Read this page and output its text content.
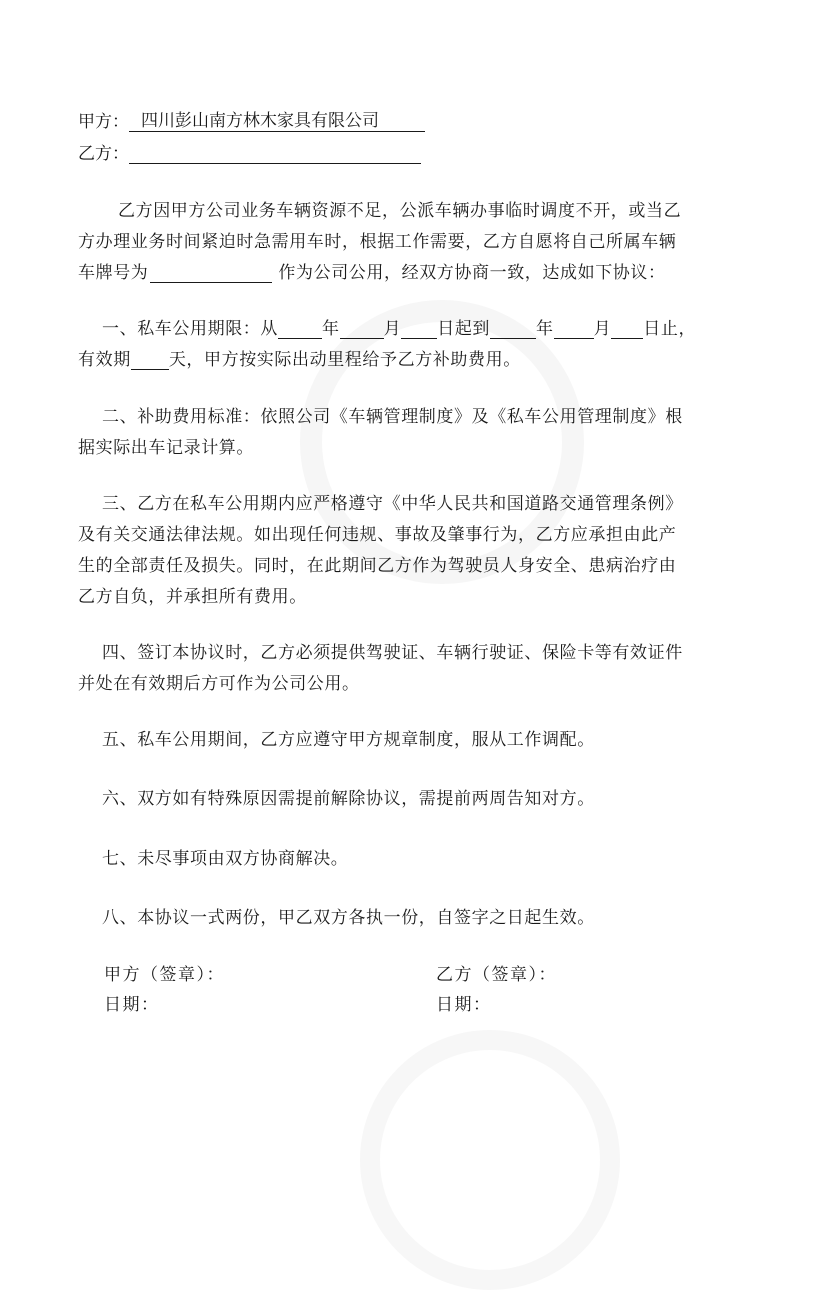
甲方： 四川彭山南方林木家具有限公司
乙方：
乙方因甲方公司业务车辆资源不足，公派车辆办事临时调度不开，或当乙
方办理业务时间紧迫时急需用车时，根据工作需要，乙方自愿将自己所属车辆
车牌号为	作为公司公用，经双方协商一致，达成如下协议：
一、私车公用期限：从	年	月 日起到	年 月 日止，
有效期 天，甲方按实际出动里程给予乙方补助费用。
二、补助费用标准：依照公司《车辆管理制度》及《私车公用管理制度》根
据实际出车记录计算。
三、乙方在私车公用期内应严格遵守《中华人民共和国道路交通管理条例》
及有关交通法律法规。如出现任何违规、事故及肇事行为，乙方应承担由此产
生的全部责任及损失。同时，在此期间乙方作为驾驶员人身安全、患病治疗由
乙方自负，并承担所有费用。
四、签订本协议时，乙方必须提供驾驶证、车辆行驶证、保险卡等有效证件
并处在有效期后方可作为公司公用。
五、私车公用期间，乙方应遵守甲方规章制度，服从工作调配。
六、双方如有特殊原因需提前解除协议，需提前两周告知对方。
七、未尽事项由双方协商解决。
八、本协议一式两份，甲乙双方各执一份，自签字之日起生效。
甲方（签章）：	乙方（签章）：
日期：	日期：
